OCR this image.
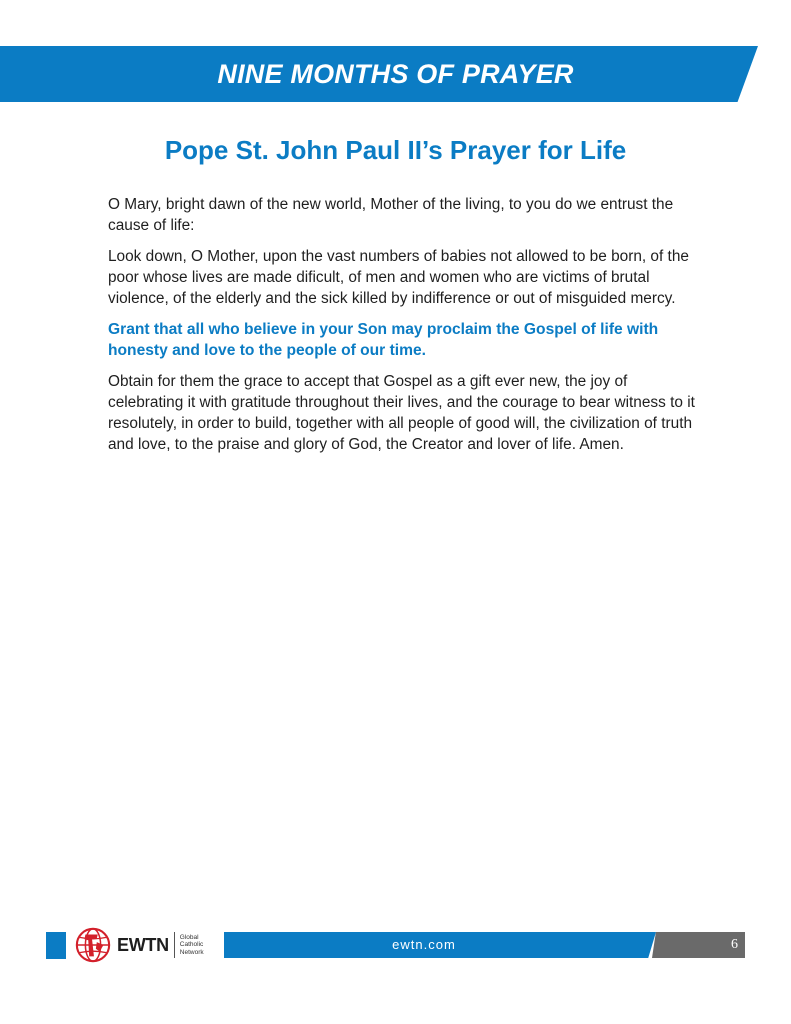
NINE MONTHS OF PRAYER
Pope St. John Paul II’s Prayer for Life

O Mary, bright dawn of the new world, Mother of the living, to you do we entrust the cause of life:

Look down, O Mother, upon the vast numbers of babies not allowed to be born, of the poor whose lives are made dificult, of men and women who are victims of brutal violence, of the elderly and the sick killed by indifference or out of misguided mercy.

Grant that all who believe in your Son may proclaim the Gospel of life with honesty and love to the people of our time.

Obtain for them the grace to accept that Gospel as a gift ever new, the joy of celebrating it with gratitude throughout their lives, and the courage to bear witness to it resolutely, in order to build, together with all people of good will, the civilization of truth and love, to the praise and glory of God, the Creator and lover of life. Amen.

EWTN Global
Catholic
Network
ewtn.com	6
